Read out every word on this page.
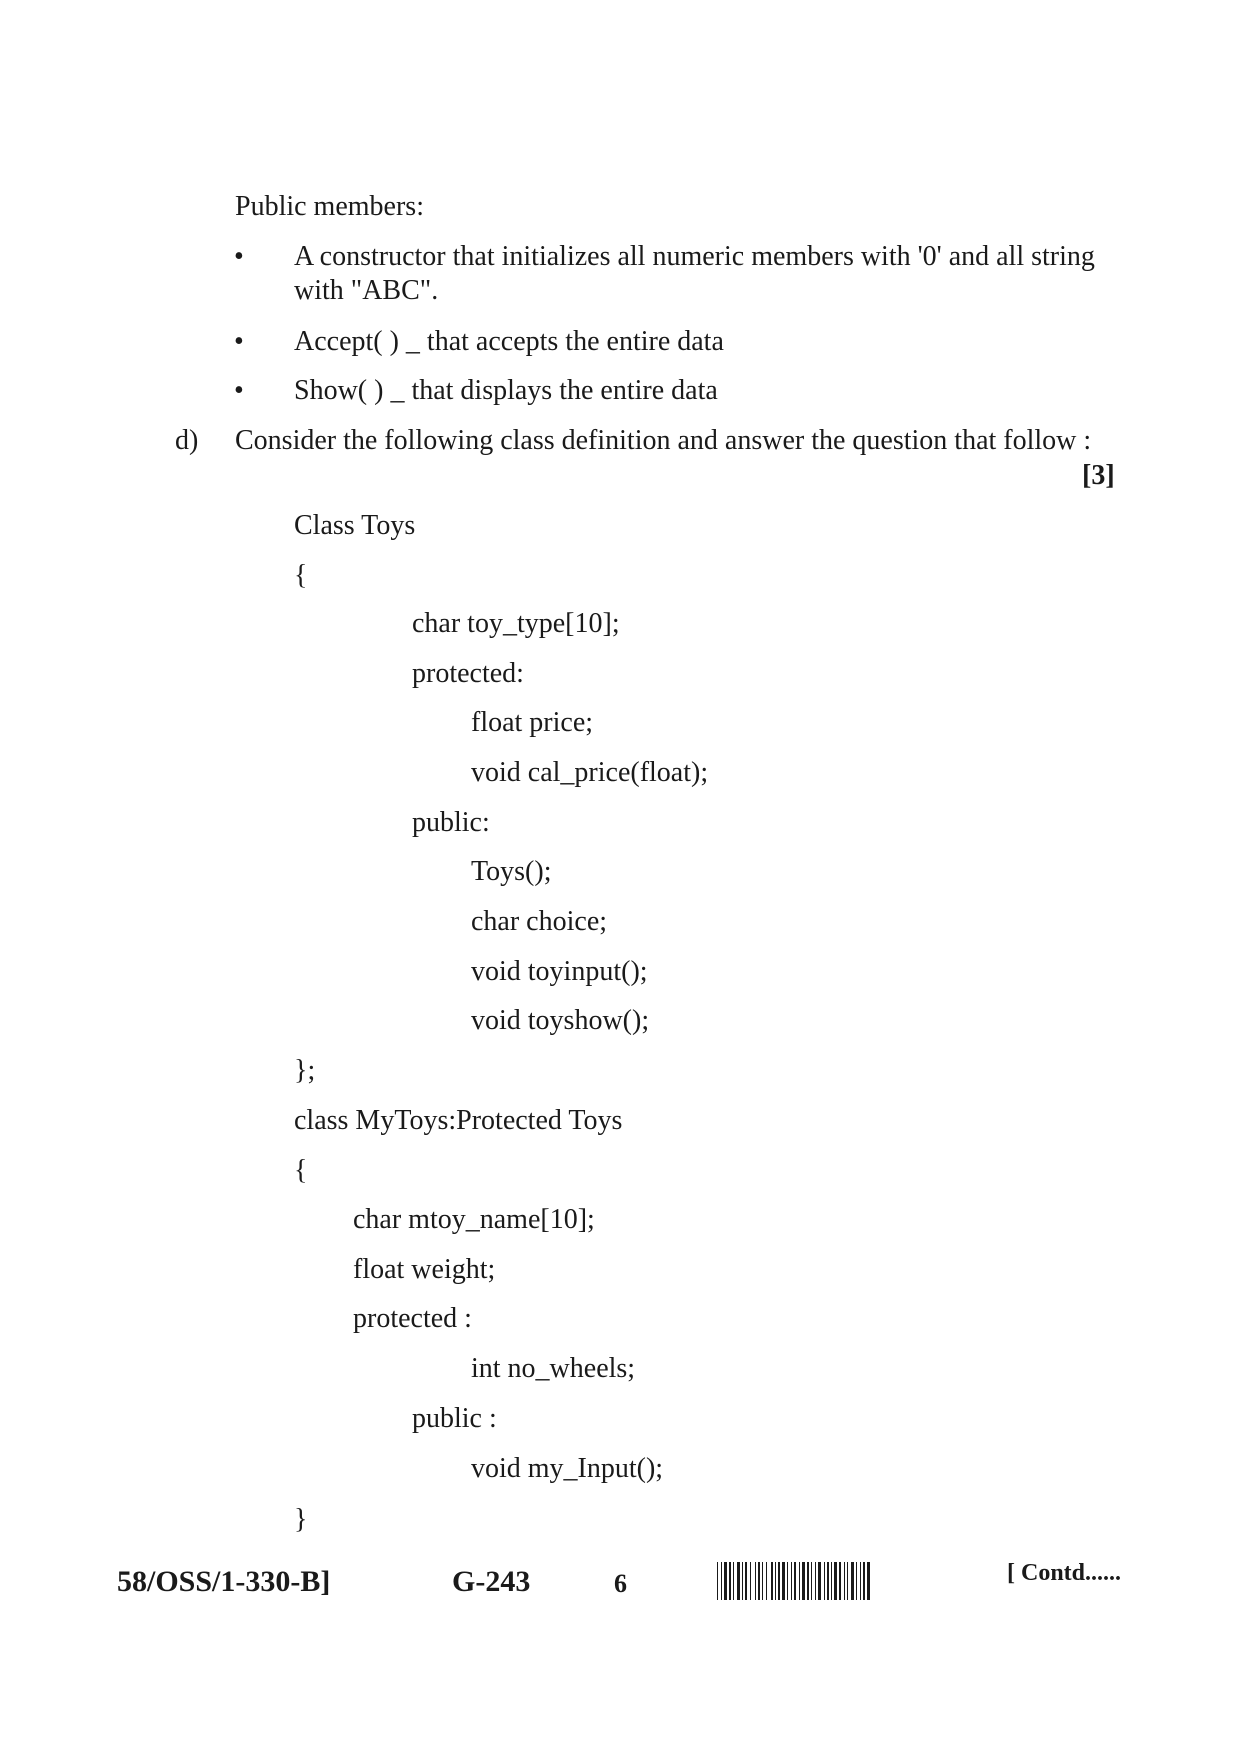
Public members:
• A constructor that initializes all numeric members with '0' and all string with "ABC".
• Accept( ) _ that accepts the entire data
• Show( ) _ that displays the entire data
d) Consider the following class definition and answer the question that follow :
[3]
Class Toys
{
char toy_type[10];
protected:
float price;
void cal_price(float);
public:
Toys();
char choice;
void toyinput();
void toyshow();
};
class MyToys:Protected Toys
{
char mtoy_name[10];
float weight;
protected :
int no_wheels;
public :
void my_Input();
}
58/OSS/1-330-B]	G-243	6	[ Contd......
